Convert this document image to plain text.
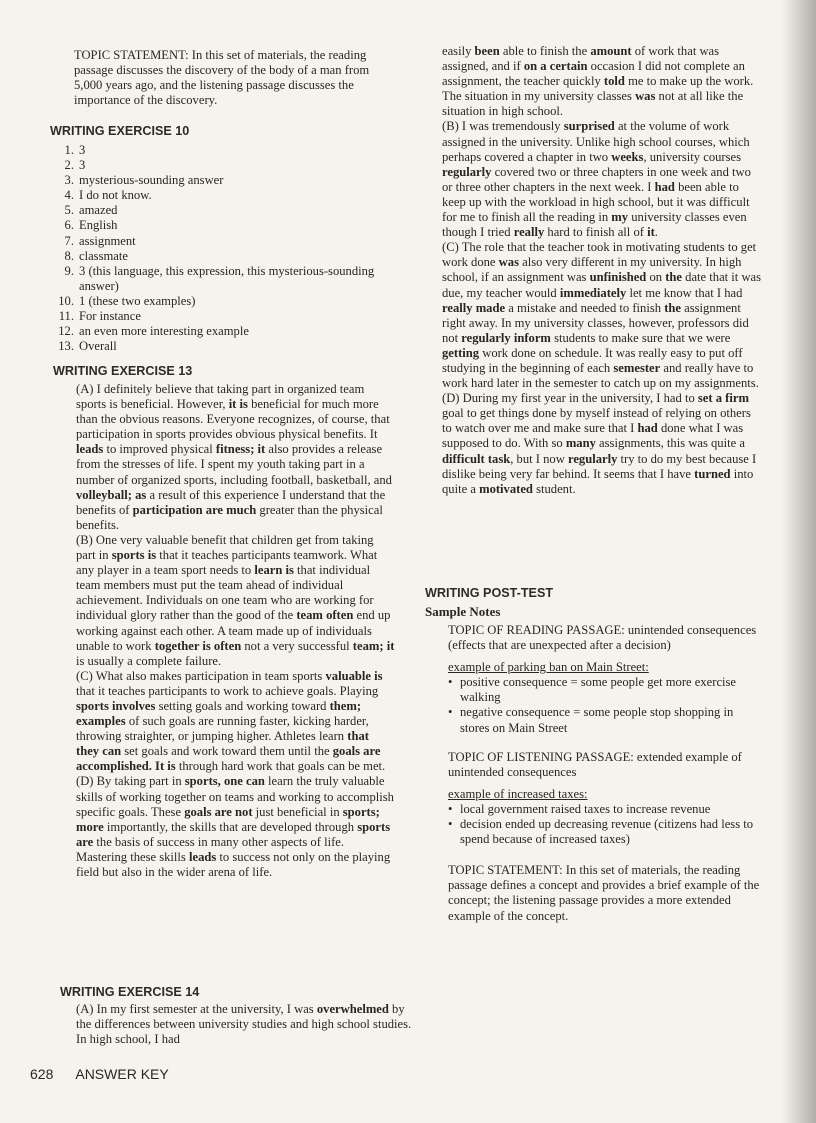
TOPIC STATEMENT: In this set of materials, the reading passage discusses the discovery of the body of a man from 5,000 years ago, and the listening passage discusses the importance of the discovery.

WRITING EXERCISE 10
1. 3
2. 3
3. mysterious-sounding answer
4. I do not know.
5. amazed
6. English
7. assignment
8. classmate
9. 3 (this language, this expression, this mysterious-sounding answer)
10. 1 (these two examples)
11. For instance
12. an even more interesting example
13. Overall
WRITING EXERCISE 13

(A) I definitely believe that taking part in organized team sports is beneficial. However, it is beneficial for much more than the obvious reasons. Everyone recognizes, of course, that participation in sports provides obvious physical benefits. It leads to improved physical fitness; it also provides a release from the stresses of life. I spent my youth taking part in a number of organized sports, including football, basketball, and volleyball; as a result of this experience I understand that the benefits of participation are much greater than the physical benefits.

(B) One very valuable benefit that children get from taking part in sports is that it teaches participants teamwork. What any player in a team sport needs to learn is that individual team members must put the team ahead of individual achievement. Individuals on one team who are working for individual glory rather than the good of the team often end up working against each other. A team made up of individuals unable to work together is often not a very successful team; it is usually a complete failure.

(C) What also makes participation in team sports valuable is that it teaches participants to work to achieve goals. Playing sports involves setting goals and working toward them; examples of such goals are running faster, kicking harder, throwing straighter, or jumping higher. Athletes learn that they can set goals and work toward them until the goals are accomplished. It is through hard work that goals can be met.

(D) By taking part in sports, one can learn the truly valuable skills of working together on teams and working to accomplish specific goals. These goals are not just beneficial in sports; more importantly, the skills that are developed through sports are the basis of success in many other aspects of life. Mastering these skills leads to success not only on the playing field but also in the wider arena of life.

WRITING EXERCISE 14

(A) In my first semester at the university, I was overwhelmed by the differences between university studies and high school studies. In high school, I had

easily been able to finish the amount of work that was assigned, and if on a certain occasion I did not complete an assignment, the teacher quickly told me to make up the work. The situation in my university classes was not at all like the situation in high school.

(B) I was tremendously surprised at the volume of work assigned in the university. Unlike high school courses, which perhaps covered a chapter in two weeks, university courses regularly covered two or three chapters in one week and two or three other chapters in the next week. I had been able to keep up with the workload in high school, but it was difficult for me to finish all the reading in my university classes even though I tried really hard to finish all of it.

(C) The role that the teacher took in motivating students to get work done was also very different in my university. In high school, if an assignment was unfinished on the date that it was due, my teacher would immediately let me know that I had really made a mistake and needed to finish the assignment right away. In my university classes, however, professors did not regularly inform students to make sure that we were getting work done on schedule. It was really easy to put off studying in the beginning of each semester and really have to work hard later in the semester to catch up on my assignments.

(D) During my first year in the university, I had to set a firm goal to get things done by myself instead of relying on others to watch over me and make sure that I had done what I was supposed to do. With so many assignments, this was quite a difficult task, but I now regularly try to do my best because I dislike being very far behind. It seems that I have turned into quite a motivated student.

WRITING POST-TEST

Sample Notes

TOPIC OF READING PASSAGE: unintended consequences (effects that are unexpected after a decision)

example of parking ban on Main Street:

• positive consequence = some people get more exercise walking
• negative consequence = some people stop shopping in stores on Main Street

TOPIC OF LISTENING PASSAGE: extended example of unintended consequences

example of increased taxes:

• local government raised taxes to increase revenue
• decision ended up decreasing revenue (citizens had less to spend because of increased taxes)

TOPIC STATEMENT: In this set of materials, the reading passage defines a concept and provides a brief example of the concept; the listening passage provides a more extended example of the concept.

628 ANSWER KEY
